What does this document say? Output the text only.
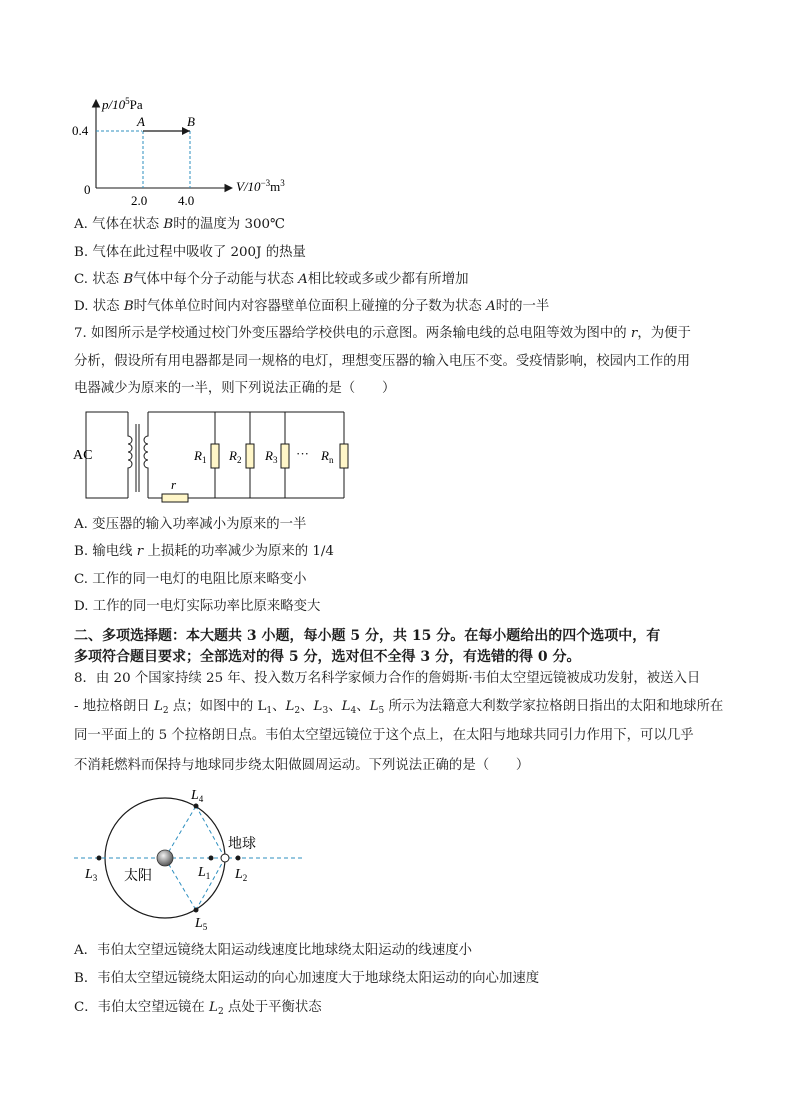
$p/10^5Pa$
0.4
0
2.0 4.0
A	B
$V/10^{-3}m^3$
A. 气体在状态 B时的温度为 300℃
B. 气体在此过程中吸收了 200J 的热量
C. 状态 B气体中每个分子动能与状态 A相比较或多或少都有所增加
D. 状态 B时气体单位时间内对容器壁单位面积上碰撞的分子数为状态 A时的一半
7. 如图所示是学校通过校门外变压器给学校供电的示意图。两条输电线的总电阻等效为图中的 r，为便于
分析，假设所有用电器都是同一规格的电灯，理想变压器的输入电压不变。受疫情影响，校园内工作的用
电器减少为原来的一半，则下列说法正确的是（　　）
AC
r
$R_1$ $R_2$ $R_3$ ··· $R_n$
A. 变压器的输入功率减小为原来的一半
B. 输电线 r 上损耗的功率减少为原来的 1/4
C. 工作的同一电灯的电阻比原来略变小
D. 工作的同一电灯实际功率比原来略变大
二、多项选择题：本大题共 3 小题，每小题 5 分，共 15 分。在每小题给出的四个选项中，有
多项符合题目要求；全部选对的得 5 分，选对但不全得 3 分，有选错的得 0 分。
8．由 20 个国家持续 25 年、投入数万名科学家倾力合作的詹姆斯·韦伯太空望远镜被成功发射，被送入日
- 地拉格朗日 $L_2$ 点；如图中的 $L_1$、$L_2$、$L_3$、$L_4$、$L_5$ 所示为法籍意大利数学家拉格朗日指出的太阳和地球所在
同一平面上的 5 个拉格朗日点。韦伯太空望远镜位于这个点上，在太阳与地球共同引力作用下，可以几乎
不消耗燃料而保持与地球同步绕太阳做圆周运动。下列说法正确的是（　　）
太阳
地球
$L_1$ $L_2$
$L_3$
$L_4$
$L_5$
A．韦伯太空望远镜绕太阳运动线速度比地球绕太阳运动的线速度小
B．韦伯太空望远镜绕太阳运动的向心加速度大于地球绕太阳运动的向心加速度
C．韦伯太空望远镜在 $L_2$ 点处于平衡状态
